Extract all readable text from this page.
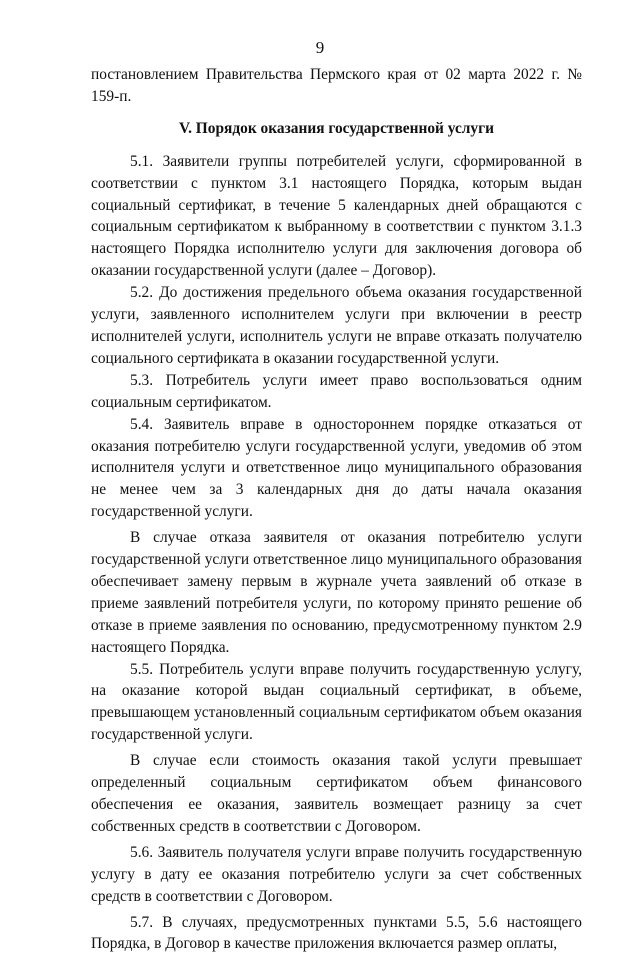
9

постановлением Правительства Пермского края от 02 марта 2022 г. № 159-п.

V. Порядок оказания государственной услуги

5.1. Заявители группы потребителей услуги, сформированной в соответствии с пунктом 3.1 настоящего Порядка, которым выдан социальный сертификат, в течение 5 календарных дней обращаются с социальным сертификатом к выбранному в соответствии с пунктом 3.1.3 настоящего Порядка исполнителю услуги для заключения договора об оказании государственной услуги (далее – Договор).

5.2. До достижения предельного объема оказания государственной услуги, заявленного исполнителем услуги при включении в реестр исполнителей услуги, исполнитель услуги не вправе отказать получателю социального сертификата в оказании государственной услуги.

5.3. Потребитель услуги имеет право воспользоваться одним социальным сертификатом.

5.4. Заявитель вправе в одностороннем порядке отказаться от оказания потребителю услуги государственной услуги, уведомив об этом исполнителя услуги и ответственное лицо муниципального образования не менее чем за 3 календарных дня до даты начала оказания государственной услуги.

В случае отказа заявителя от оказания потребителю услуги государственной услуги ответственное лицо муниципального образования обеспечивает замену первым в журнале учета заявлений об отказе в приеме заявлений потребителя услуги, по которому принято решение об отказе в приеме заявления по основанию, предусмотренному пунктом 2.9 настоящего Порядка.

5.5. Потребитель услуги вправе получить государственную услугу, на оказание которой выдан социальный сертификат, в объеме, превышающем установленный социальным сертификатом объем оказания государственной услуги.

В случае если стоимость оказания такой услуги превышает определенный социальным сертификатом объем финансового обеспечения ее оказания, заявитель возмещает разницу за счет собственных средств в соответствии с Договором.

5.6. Заявитель получателя услуги вправе получить государственную услугу в дату ее оказания потребителю услуги за счет собственных средств в соответствии с Договором.

5.7. В случаях, предусмотренных пунктами 5.5, 5.6 настоящего Порядка, в Договор в качестве приложения включается размер оплаты,
